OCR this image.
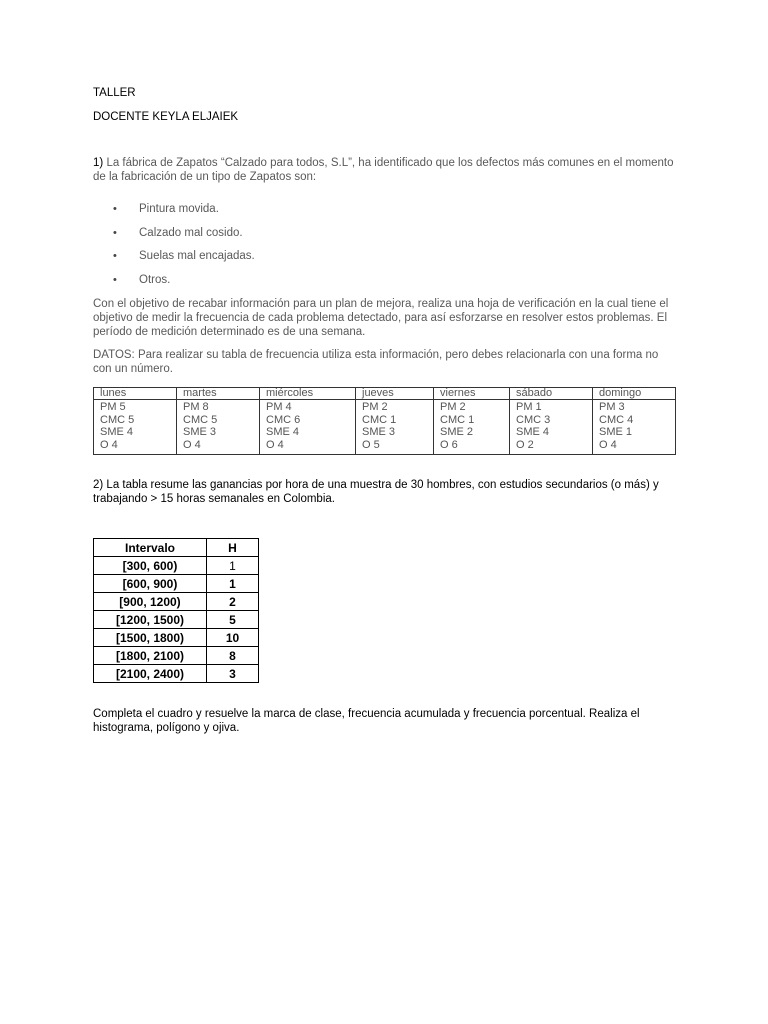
TALLER

DOCENTE KEYLA ELJAIEK

1) La fábrica de Zapatos “Calzado para todos, S.L”, ha identificado que los defectos más comunes en el momento de la fabricación de un tipo de Zapatos son:

• Pintura movida.
• Calzado mal cosido.
• Suelas mal encajadas.
• Otros.

Con el objetivo de recabar información para un plan de mejora, realiza una hoja de verificación en la cual tiene el objetivo de medir la frecuencia de cada problema detectado, para así esforzarse en resolver estos problemas. El período de medición determinado es de una semana.

DATOS: Para realizar su tabla de frecuencia utiliza esta información, pero debes relacionarla con una forma no con un número.

lunes	martes	miércoles	jueves	viernes	sábado	domingo

PM 5
CMC 5
SME 4
O 4	PM 8
CMC 5
SME 3
O 4	PM 4
CMC 6
SME 4
O 4	PM 2
CMC 1
SME 3
O 5	PM 2
CMC 1
SME 2
O 6	PM 1
CMC 3
SME 4
O 2	PM 3
CMC 4
SME 1
O 4

2) La tabla resume las ganancias por hora de una muestra de 30 hombres, con estudios secundarios (o más) y trabajando > 15 horas semanales en Colombia.

Intervalo	H
[300, 600)	1
[600, 900)	1
[900, 1200)	2
[1200, 1500)	5
[1500, 1800)	10
[1800, 2100)	8
[2100, 2400)	3

Completa el cuadro y resuelve la marca de clase, frecuencia acumulada y frecuencia porcentual. Realiza el histograma, polígono y ojiva.
